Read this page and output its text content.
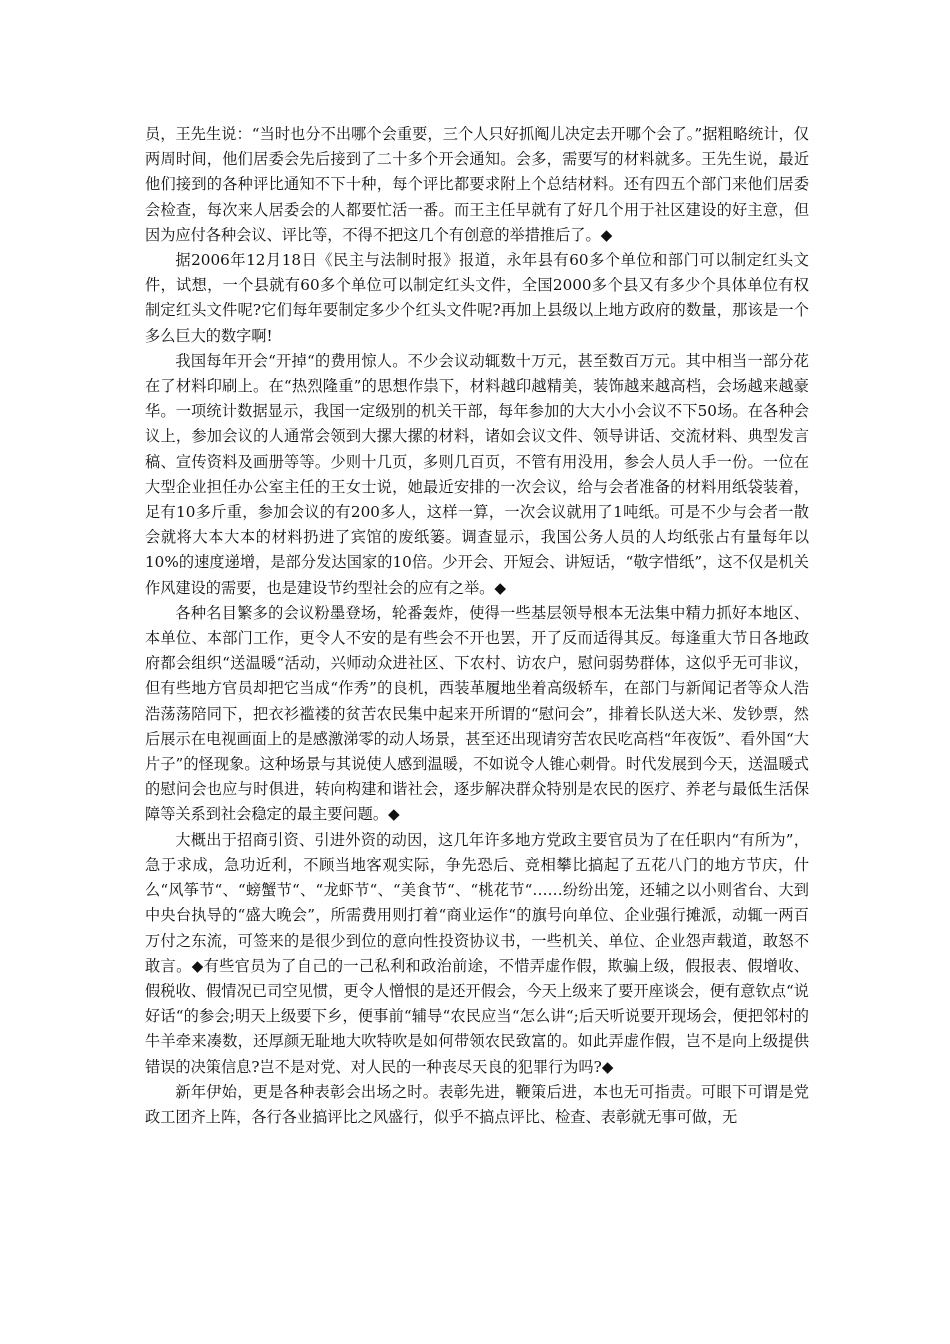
员，王先生说：“当时也分不出哪个会重要，三个人只好抓阄儿决定去开哪个会了。”据粗略统计，仅两周时间，他们居委会先后接到了二十多个开会通知。会多，需要写的材料就多。王先生说，最近他们接到的各种评比通知不下十种，每个评比都要求附上个总结材料。还有四五个部门来他们居委会检查，每次来人居委会的人都要忙活一番。而王主任早就有了好几个用于社区建设的好主意，但因为应付各种会议、评比等，不得不把这几个有创意的举措推后了。◆

据2006年12月18日《民主与法制时报》报道，永年县有60多个单位和部门可以制定红头文件，试想，一个县就有60多个单位可以制定红头文件，全国2000多个县又有多少个具体单位有权制定红头文件呢?它们每年要制定多少个红头文件呢?再加上县级以上地方政府的数量，那该是一个多么巨大的数字啊!

我国每年开会“开掉“的费用惊人。不少会议动辄数十万元，甚至数百万元。其中相当一部分花在了材料印刷上。在“热烈隆重”的思想作祟下，材料越印越精美，装饰越来越高档，会场越来越豪华。一项统计数据显示，我国一定级别的机关干部，每年参加的大大小小会议不下50场。在各种会议上，参加会议的人通常会领到大摞大摞的材料，诸如会议文件、领导讲话、交流材料、典型发言稿、宣传资料及画册等等。少则十几页，多则几百页，不管有用没用，参会人员人手一份。一位在大型企业担任办公室主任的王女士说，她最近安排的一次会议，给与会者准备的材料用纸袋装着，足有10多斤重，参加会议的有200多人，这样一算，一次会议就用了1吨纸。可是不少与会者一散会就将大本大本的材料扔进了宾馆的废纸篓。调查显示，我国公务人员的人均纸张占有量每年以10%的速度递增，是部分发达国家的10倍。少开会、开短会、讲短话，“敬字惜纸”，这不仅是机关作风建设的需要，也是建设节约型社会的应有之举。◆

各种名目繁多的会议粉墨登场，轮番轰炸，使得一些基层领导根本无法集中精力抓好本地区、本单位、本部门工作，更令人不安的是有些会不开也罢，开了反而适得其反。每逢重大节日各地政府都会组织“送温暖“活动，兴师动众进社区、下农村、访农户，慰问弱势群体，这似乎无可非议，但有些地方官员却把它当成“作秀”的良机，西装革履地坐着高级轿车，在部门与新闻记者等众人浩浩荡荡陪同下，把衣衫褴褛的贫苦农民集中起来开所谓的“慰问会”，排着长队送大米、发钞票，然后展示在电视画面上的是感激涕零的动人场景，甚至还出现请穷苦农民吃高档“年夜饭”、看外国“大片子”的怪现象。这种场景与其说使人感到温暖，不如说令人锥心刺骨。时代发展到今天，送温暖式的慰问会也应与时俱进，转向构建和谐社会，逐步解决群众特别是农民的医疗、养老与最低生活保障等关系到社会稳定的最主要问题。◆

大概出于招商引资、引进外资的动因，这几年许多地方党政主要官员为了在任职内“有所为”，急于求成，急功近利，不顾当地客观实际，争先恐后、竞相攀比搞起了五花八门的地方节庆，什么“风筝节“、“螃蟹节“、“龙虾节“、“美食节“、“桃花节“……纷纷出笼，还辅之以小则省台、大到中央台执导的“盛大晚会”，所需费用则打着“商业运作“的旗号向单位、企业强行摊派，动辄一两百万付之东流，可签来的是很少到位的意向性投资协议书，一些机关、单位、企业怨声载道，敢怒不敢言。◆有些官员为了自己的一己私利和政治前途，不惜弄虚作假，欺骗上级，假报表、假增收、假税收、假情况已司空见惯，更令人憎恨的是还开假会，今天上级来了要开座谈会，便有意钦点“说好话“的参会;明天上级要下乡，便事前“辅导“农民应当“怎么讲“;后天听说要开现场会，便把邻村的牛羊牵来凑数，还厚颜无耻地大吹特吹是如何带领农民致富的。如此弄虚作假，岂不是向上级提供错误的决策信息?岂不是对党、对人民的一种丧尽天良的犯罪行为吗?◆

新年伊始，更是各种表彰会出场之时。表彰先进，鞭策后进，本也无可指责。可眼下可谓是党政工团齐上阵，各行各业搞评比之风盛行，似乎不搞点评比、检查、表彰就无事可做，无
